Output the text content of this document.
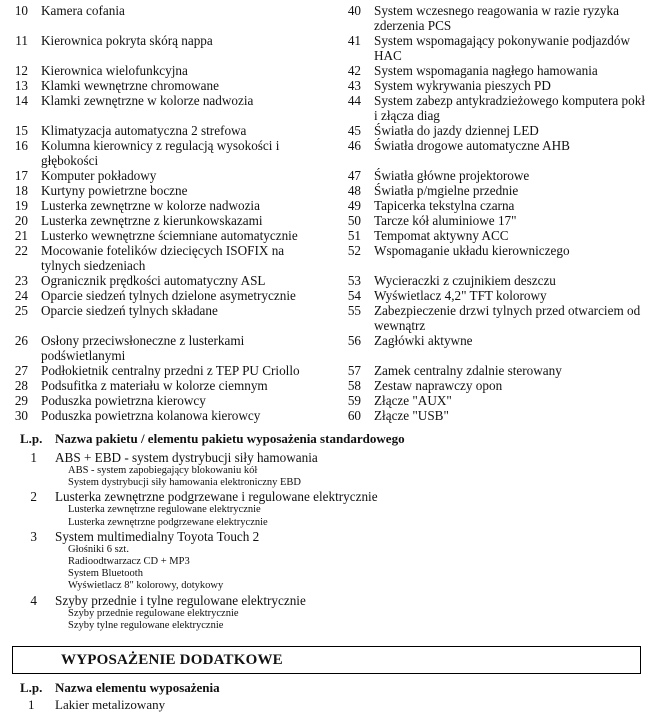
10 Kamera cofania
11 Kierownica pokryta skórą nappa
12 Kierownica wielofunkcyjna
13 Klamki wewnętrzne chromowane
14 Klamki zewnętrzne w kolorze nadwozia
15 Klimatyzacja automatyczna 2 strefowa
16 Kolumna kierownicy z regulacją wysokości i głębokości
17 Komputer pokładowy
18 Kurtyny powietrzne boczne
19 Lusterka zewnętrzne w kolorze nadwozia
20 Lusterka zewnętrzne z kierunkowskazami
21 Lusterko wewnętrzne ściemniane automatycznie
22 Mocowanie fotelików dziecięcych ISOFIX na tylnych siedzeniach
23 Ogranicznik prędkości automatyczny ASL
24 Oparcie siedzeń tylnych dzielone asymetrycznie
25 Oparcie siedzeń tylnych składane
26 Osłony przeciwsłoneczne z lusterkami podświetlanymi
27 Podłokietnik centralny przedni z TEP PU Criollo
28 Podsufitka z materiału w kolorze ciemnym
29 Poduszka powietrzna kierowcy
30 Poduszka powietrzna kolanowa kierowcy
40 System wczesnego reagowania w razie ryzyka zderzenia PCS
41 System wspomagający pokonywanie podjazdów HAC
42 System wspomagania nagłego hamowania
43 System wykrywania pieszych PD
44 System zabezp antykradzieżowego komputera pokł i złącza diag
45 Światła do jazdy dziennej LED
46 Światła drogowe automatyczne AHB
47 Światła główne projektorowe
48 Światła p/mgielne przednie
49 Tapicerka tekstylna czarna
50 Tarcze kół aluminiowe 17"
51 Tempomat aktywny ACC
52 Wspomaganie układu kierowniczego
53 Wycieraczki z czujnikiem deszczu
54 Wyświetlacz 4,2" TFT kolorowy
55 Zabezpieczenie drzwi tylnych przed otwarciem od wewnątrz
56 Zagłówki aktywne
57 Zamek centralny zdalnie sterowany
58 Zestaw naprawczy opon
59 Złącze "AUX"
60 Złącze "USB"
L.p. Nazwa pakietu / elementu pakietu wyposażenia standardowego
1 ABS + EBD - system dystrybucji siły hamowania
ABS - system zapobiegający blokowaniu kół
System dystrybucji siły hamowania elektroniczny EBD
2 Lusterka zewnętrzne podgrzewane i regulowane elektrycznie
Lusterka zewnętrzne regulowane elektrycznie
Lusterka zewnętrzne podgrzewane elektrycznie
3 System multimedialny Toyota Touch 2
Głośniki 6 szt.
Radioodtwarzacz CD + MP3
System Bluetooth
Wyświetlacz 8" kolorowy, dotykowy
4 Szyby przednie i tylne regulowane elektrycznie
Szyby przednie regulowane elektrycznie
Szyby tylne regulowane elektrycznie
WYPOSAŻENIE DODATKOWE
L.p. Nazwa elementu wyposażenia
1 Lakier metalizowany
